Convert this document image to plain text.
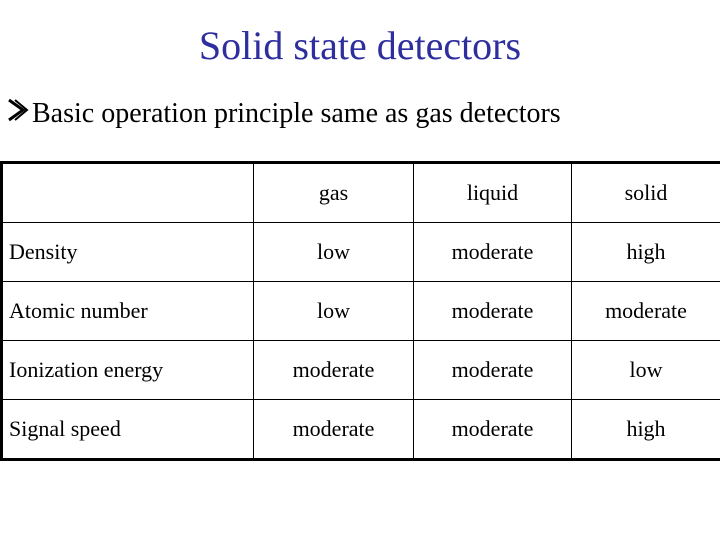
Solid state detectors
Basic operation principle same as gas detectors
	gas	liquid	solid
Density	low	moderate	high
Atomic number	low	moderate	moderate
Ionization energy	moderate	moderate	low
Signal speed	moderate	moderate	high
